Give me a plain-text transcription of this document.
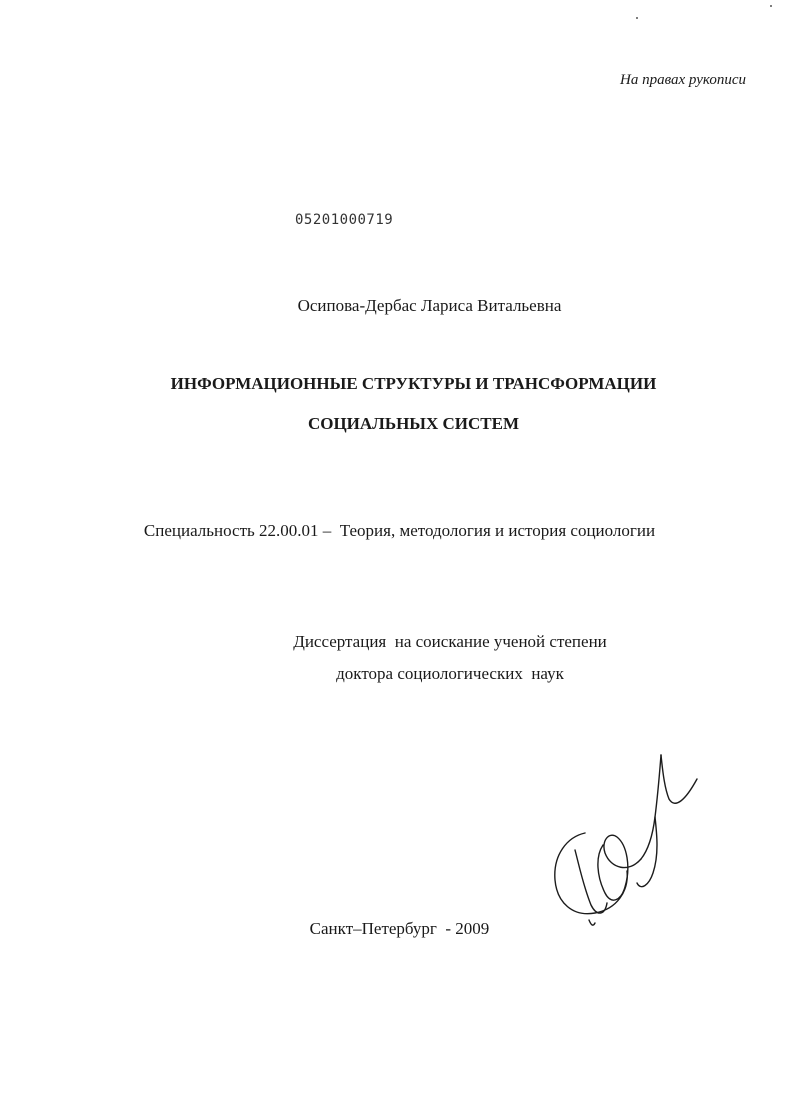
На правах рукописи
05201000719
Осипова-Дербас Лариса Витальевна
ИНФОРМАЦИОННЫЕ СТРУКТУРЫ И ТРАНСФОРМАЦИИ
СОЦИАЛЬНЫХ СИСТЕМ
Специальность 22.00.01 –  Теория, методология и история социологии
Диссертация  на соискание ученой степени
доктора социологических  наук
Санкт–Петербург  - 2009
